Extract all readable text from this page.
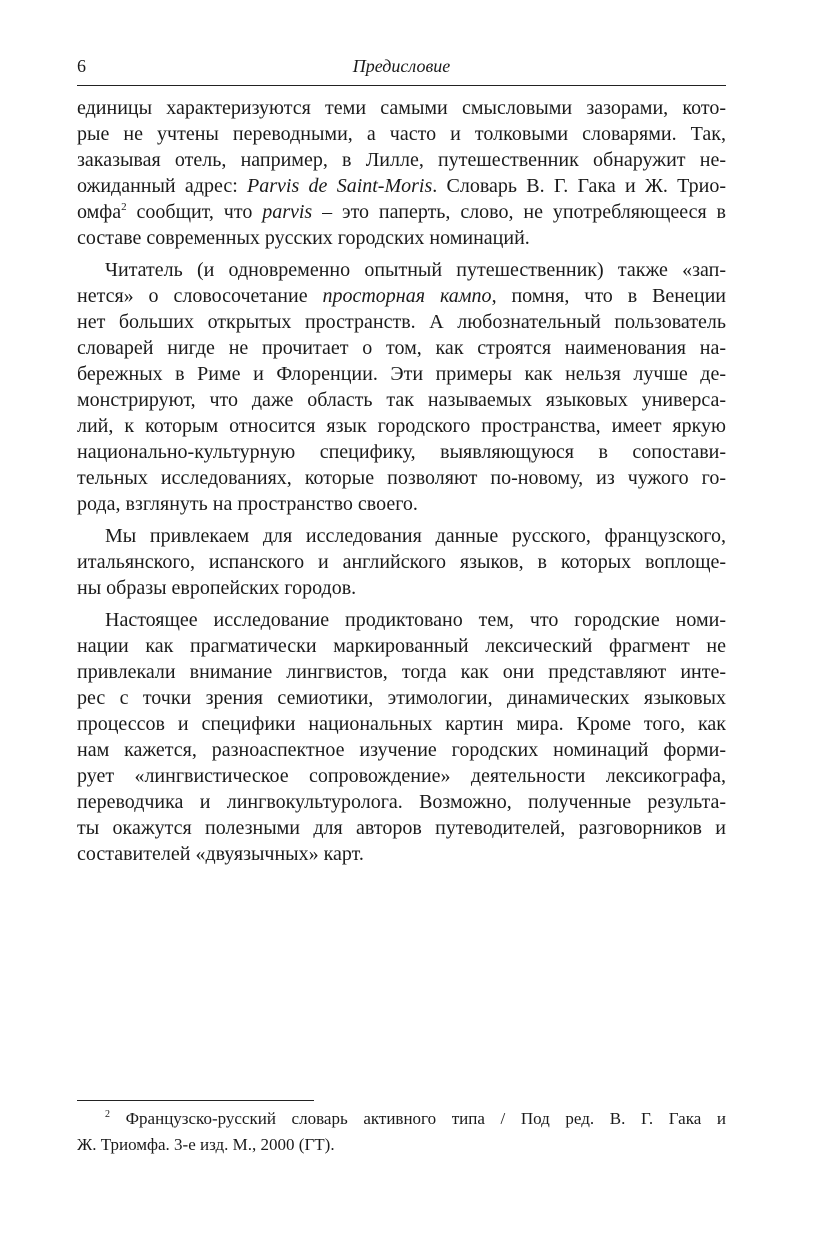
6	Предисловие

единицы характеризуются теми самыми смысловыми зазорами, кото-
рые не учтены переводными, а часто и толковыми словарями. Так,
заказывая отель, например, в Лилле, путешественник обнаружит не-
ожиданный адрес: Parvis de Saint-Moris. Словарь В. Г. Гака и Ж. Трио-
омфа$^2$ сообщит, что parvis – это паперть, слово, не употребляющееся в
составе современных русских городских номинаций.

Читатель (и одновременно опытный путешественник) также «зап-
нется» о словосочетание просторная кампо, помня, что в Венеции
нет больших открытых пространств. А любознательный пользователь
словарей нигде не прочитает о том, как строятся наименования на-
бережных в Риме и Флоренции. Эти примеры как нельзя лучше де-
монстрируют, что даже область так называемых языковых универса-
лий, к которым относится язык городского пространства, имеет яркую
национально-культурную специфику, выявляющуюся в сопостави-
тельных исследованиях, которые позволяют по-новому, из чужого го-
рода, взглянуть на пространство своего.

Мы привлекаем для исследования данные русского, французского,
итальянского, испанского и английского языков, в которых воплоще-
ны образы европейских городов.

Настоящее исследование продиктовано тем, что городские номи-
нации как прагматически маркированный лексический фрагмент не
привлекали внимание лингвистов, тогда как они представляют инте-
рес с точки зрения семиотики, этимологии, динамических языковых
процессов и специфики национальных картин мира. Кроме того, как
нам кажется, разноаспектное изучение городских номинаций форми-
рует «лингвистическое сопровождение» деятельности лексикографа,
переводчика и лингвокультуролога. Возможно, полученные результа-
ты окажутся полезными для авторов путеводителей, разговорников и
составителей «двуязычных» карт.

$^2$ Французско-русский словарь активного типа / Под ред. В. Г. Гака и
Ж. Триомфа. 3-е изд. М., 2000 (ГТ).
